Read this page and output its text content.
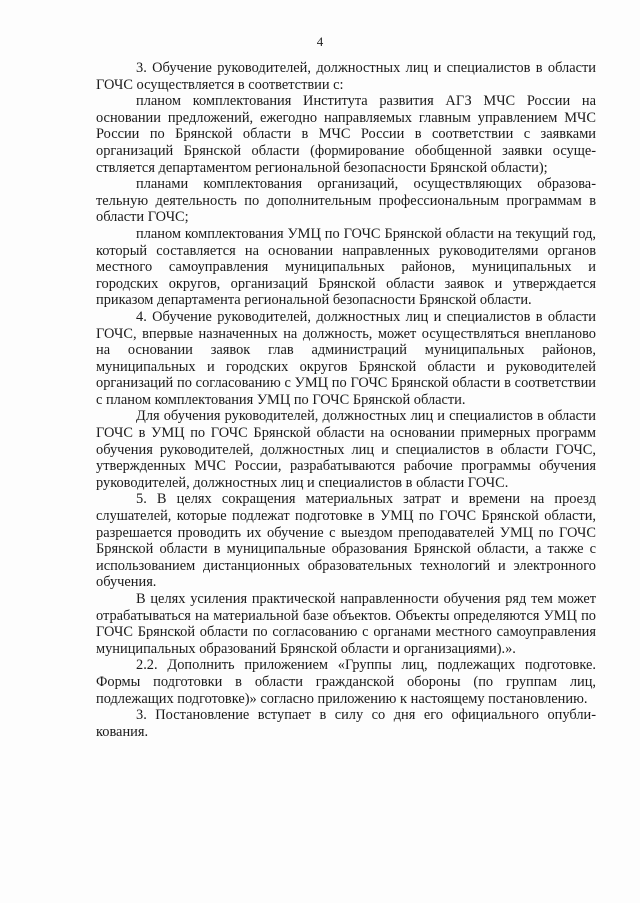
4

3. Обучение руководителей, должностных лиц и специалистов в области ГОЧС осуществляется в соответствии с:

планом комплектования Института развития АГЗ МЧС России на основании предложений, ежегодно направляемых главным управлением МЧС России по Брянской области в МЧС России в соответствии с заявками организаций Брянской области (формирование обобщенной заявки осуществляется департаментом региональной безопасности Брянской области);

планами комплектования организаций, осуществляющих образовательную деятельность по дополнительным профессиональным программам в области ГОЧС;

планом комплектования УМЦ по ГОЧС Брянской области на текущий год, который составляется на основании направленных руководителями органов местного самоуправления муниципальных районов, муниципальных и городских округов, организаций Брянской области заявок и утверждается приказом департамента региональной безопасности Брянской области.

4. Обучение руководителей, должностных лиц и специалистов в области ГОЧС, впервые назначенных на должность, может осуществляться внепланово на основании заявок глав администраций муниципальных районов, муниципальных и городских округов Брянской области и руководителей организаций по согласованию с УМЦ по ГОЧС Брянской области в соответствии с планом комплектования УМЦ по ГОЧС Брянской области.

Для обучения руководителей, должностных лиц и специалистов в области ГОЧС в УМЦ по ГОЧС Брянской области на основании примерных программ обучения руководителей, должностных лиц и специалистов в области ГОЧС, утвержденных МЧС России, разрабатываются рабочие программы обучения руководителей, должностных лиц и специалистов в области ГОЧС.

5. В целях сокращения материальных затрат и времени на проезд слушателей, которые подлежат подготовке в УМЦ по ГОЧС Брянской области, разрешается проводить их обучение с выездом преподавателей УМЦ по ГОЧС Брянской области в муниципальные образования Брянской области, а также с использованием дистанционных образовательных технологий и электронного обучения.

В целях усиления практической направленности обучения ряд тем может отрабатываться на материальной базе объектов. Объекты определяются УМЦ по ГОЧС Брянской области по согласованию с органами местного самоуправления муниципальных образований Брянской области и организациями).».

2.2. Дополнить приложением «Группы лиц, подлежащих подготовке. Формы подготовки в области гражданской обороны (по группам лиц, подлежащих подготовке)» согласно приложению к настоящему постановлению.

3. Постановление вступает в силу со дня его официального опубликования.
